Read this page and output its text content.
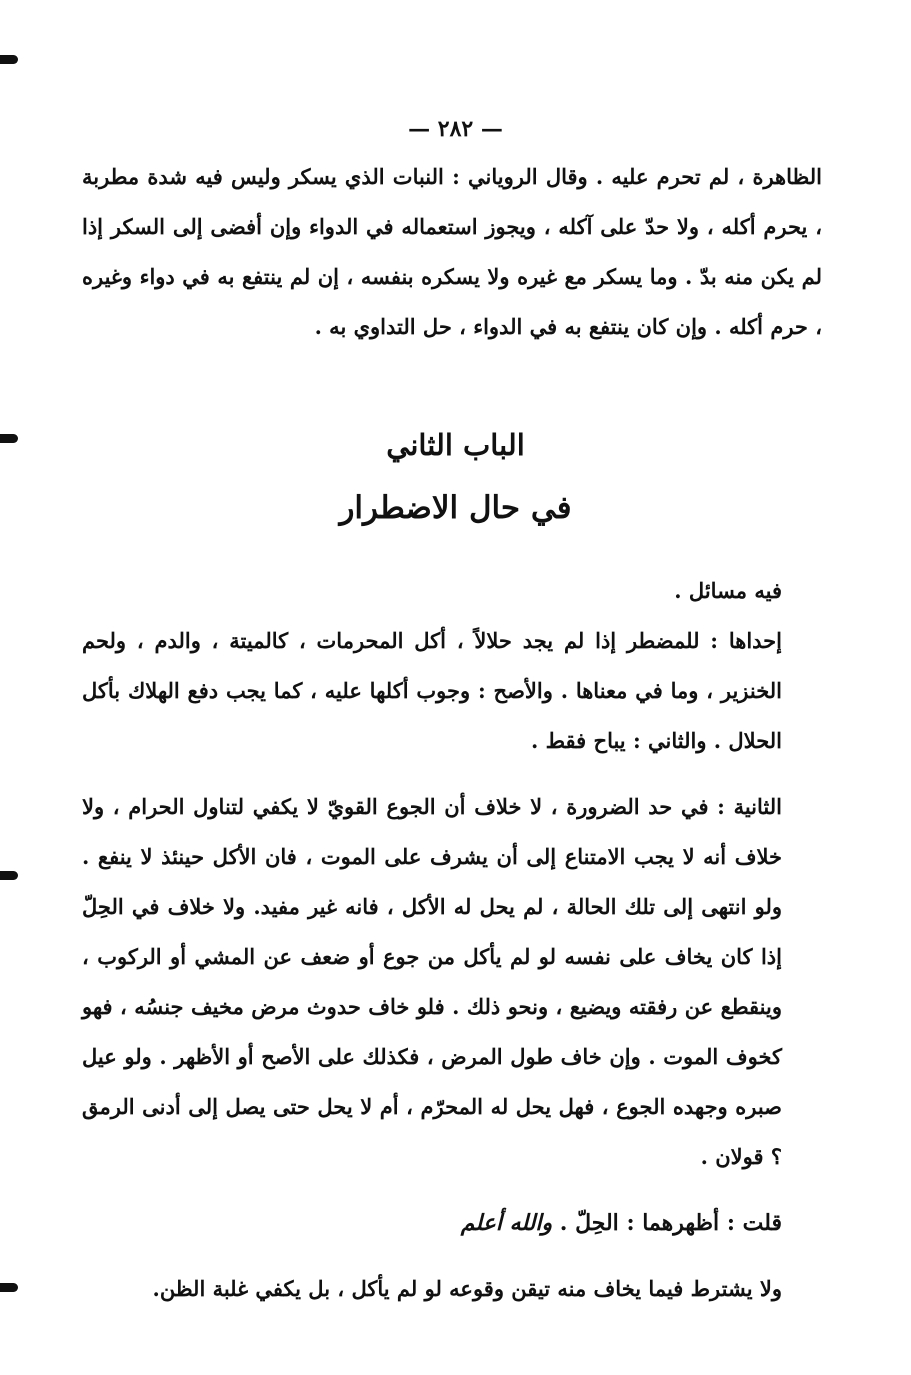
— ٢٨٢ —

الظاهرة ، لم تحرم عليه . وقال الروياني : النبات الذي يسكر وليس فيه شدة مطربة ، يحرم أكله ، ولا حدّ على آكله ، ويجوز استعماله في الدواء وإن أفضى إلى السكر إذا لم يكن منه بدّ . وما يسكر مع غيره ولا يسكره بنفسه ، إن لم ينتفع به في دواء وغيره ، حرم أكله . وإن كان ينتفع به في الدواء ، حل التداوي به .

الباب الثاني
في حال الاضطرار

فيه مسائل .

إحداها : للمضطر إذا لم يجد حلالاً ، أكل المحرمات ، كالميتة ، والدم ، ولحم الخنزير ، وما في معناها . والأصح : وجوب أكلها عليه ، كما يجب دفع الهلاك بأكل الحلال . والثاني : يباح فقط .

الثانية : في حد الضرورة ، لا خلاف أن الجوع القويّ لا يكفي لتناول الحرام ، ولا خلاف أنه لا يجب الامتناع إلى أن يشرف على الموت ، فان الأكل حينئذ لا ينفع . ولو انتهى إلى تلك الحالة ، لم يحل له الأكل ، فانه غير مفيد. ولا خلاف في الحِلّ إذا كان يخاف على نفسه لو لم يأكل من جوع أو ضعف عن المشي أو الركوب ، وينقطع عن رفقته ويضيع ، ونحو ذلك . فلو خاف حدوث مرض مخيف جنسُه ، فهو كخوف الموت . وإن خاف طول المرض ، فكذلك على الأصح أو الأظهر . ولو عيل صبره وجهده الجوع ، فهل يحل له المحرّم ، أم لا يحل حتى يصل إلى أدنى الرمق ؟ قولان .

قلت : أظهرهما : الحِلّ . والله أعلم

ولا يشترط فيما يخاف منه تيقن وقوعه لو لم يأكل ، بل يكفي غلبة الظن.
